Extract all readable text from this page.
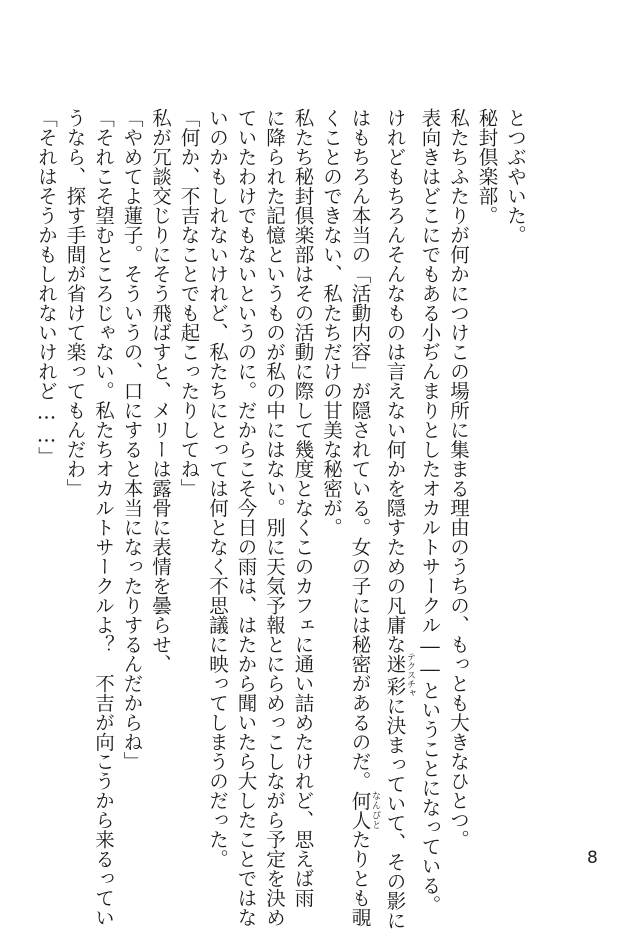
とつぶやいた。
秘封倶楽部。
私たちふたりが何かにつけこの場所に集まる理由のうちの、もっとも大きなひとつ。
表向きはどこにでもある小ぢんまりとしたオカルトサークル――ということになっている。
けれどもちろんそんなものは言えない何かを隠すための凡庸な迷彩テクスチャに決まっていて、その影に
はもちろん本当の「活動内容」が隠されている。女の子には秘密があるのだ。何人なんぴとたりとも覗
くことのできない、私たちだけの甘美な秘密が。
私たち秘封倶楽部はその活動に際して幾度となくこのカフェに通い詰めたけれど、思えば雨
に降られた記憶というものが私の中にはない。別に天気予報とにらめっこしながら予定を決め
ていたわけでもないというのに。だからこそ今日の雨は、はたから聞いたら大したことではな
いのかもしれないけれど、私たちにとっては何となく不思議に映ってしまうのだった。
「何か、不吉なことでも起こったりしてね」
私が冗談交じりにそう飛ばすと、メリーは露骨に表情を曇らせ、
「やめてよ蓮子。そういうの、口にすると本当になったりするんだからね」
「それこそ望むところじゃない。私たちオカルトサークルよ？　不吉が向こうから来るってい
うなら、探す手間が省けて楽ってもんだわ」
「それはそうかもしれないけれど……」
8
